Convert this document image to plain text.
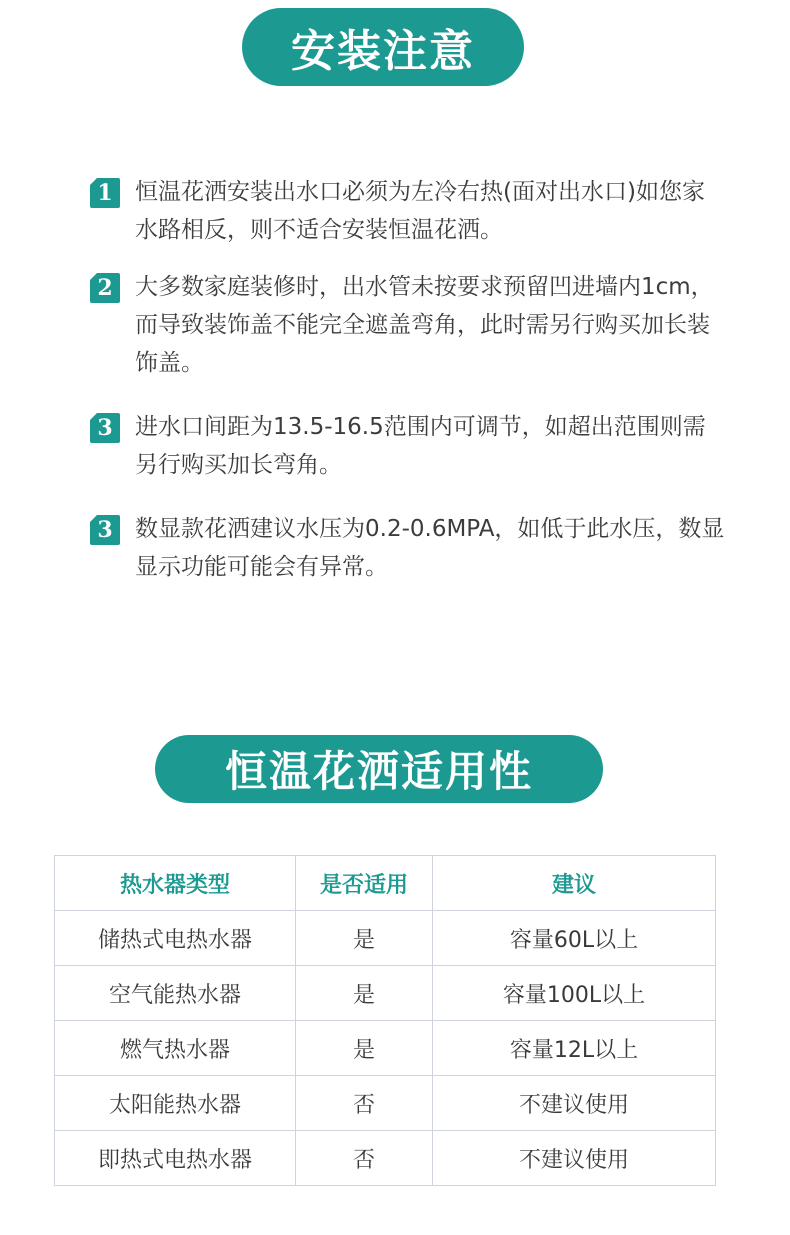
安装注意
1 恒温花洒安装出水口必须为左冷右热(面对出水口)如您家水路相反，则不适合安装恒温花洒。

2 大多数家庭装修时，出水管未按要求预留凹进墙内1cm，而导致装饰盖不能完全遮盖弯角，此时需另行购买加长装饰盖。

3 进水口间距为13.5-16.5范围内可调节，如超出范围则需另行购买加长弯角。

3 数显款花洒建议水压为0.2-0.6MPA，如低于此水压，数显显示功能可能会有异常。

恒温花洒适用性
热水器类型	是否适用	建议
储热式电热水器	是	容量60L以上
空气能热水器	是	容量100L以上
燃气热水器	是	容量12L以上
太阳能热水器	否	不建议使用
即热式电热水器	否	不建议使用
